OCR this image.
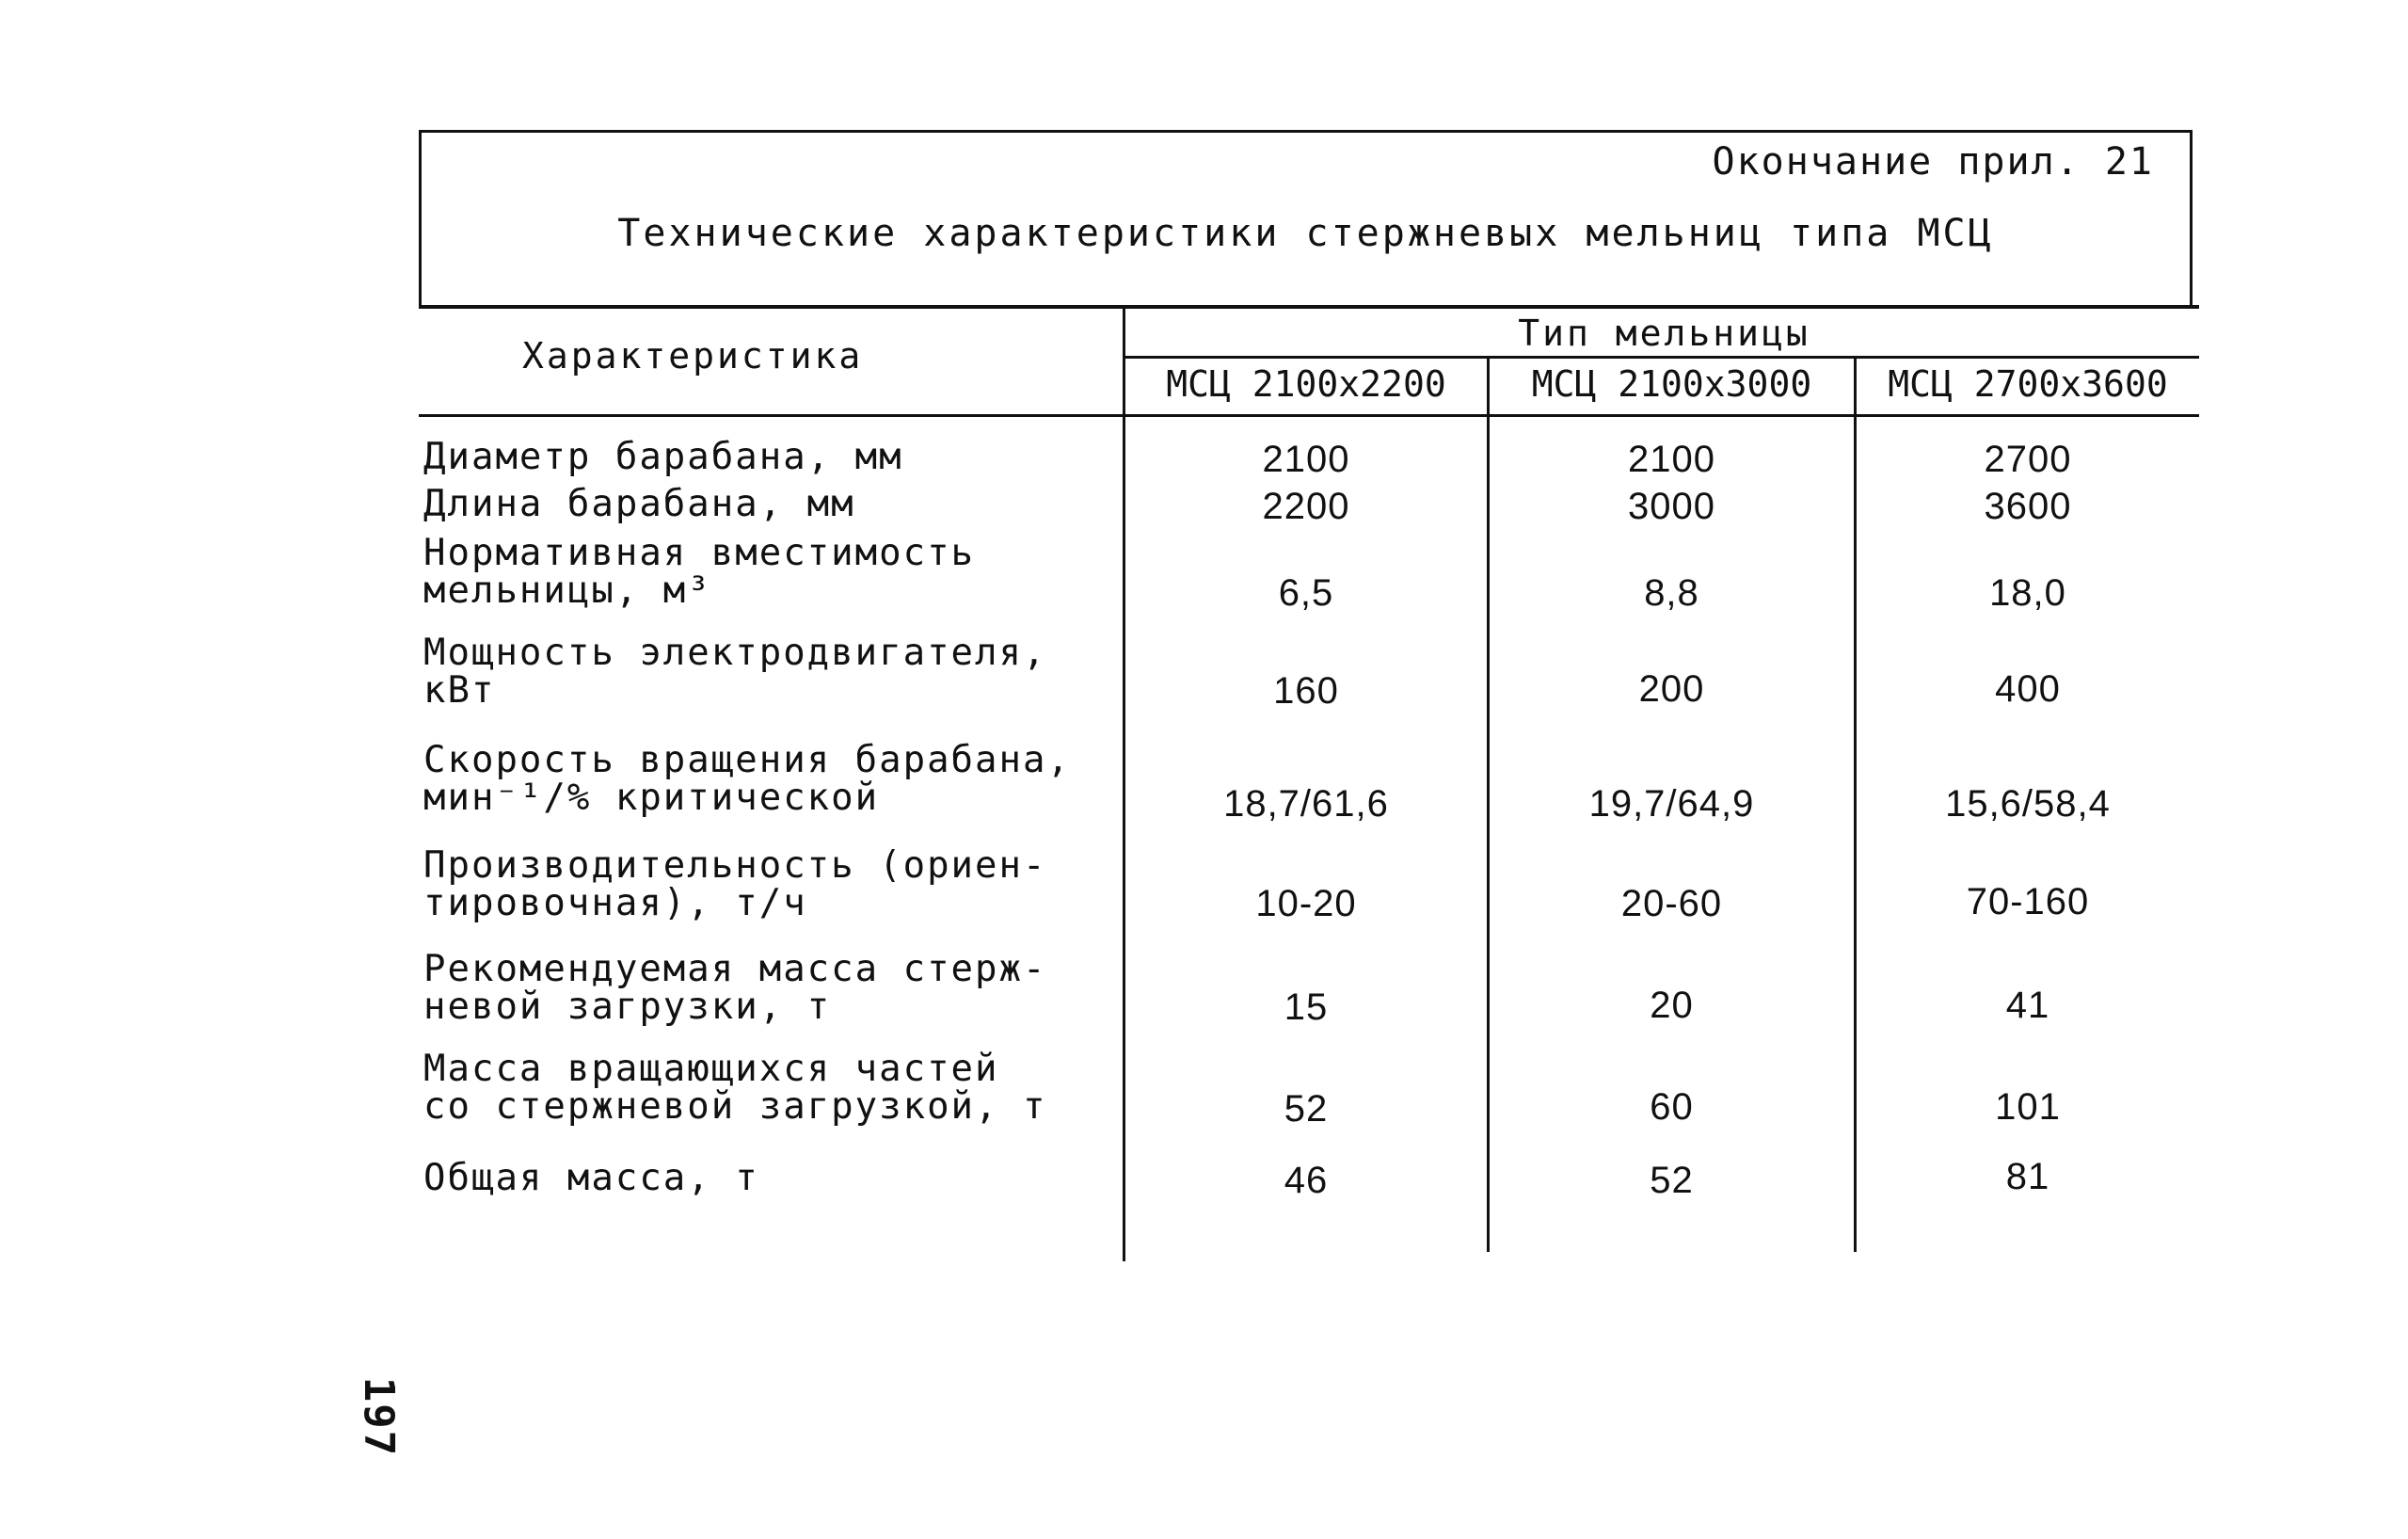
Окончание прил. 21
Технические характеристики стержневых мельниц типа МСЦ
Характеристика
Тип мельницы
МСЦ 2100х2200	МСЦ 2100х3000	МСЦ 2700х3600
Диаметр барабана, мм	2100	2100	2700
Длина барабана, мм	2200	3000	3600
Нормативная вместимость
мельницы, м³	6,5	8,8	18,0
Мощность электродвигателя,
кВт	160	200	400
Скорость вращения барабана,
мин⁻¹/% критической	18,7/61,6	19,7/64,9	15,6/58,4
Производительность (ориен-
тировочная), т/ч	10-20	20-60	70-160
Рекомендуемая масса стерж-
невой загрузки, т	15	20	41
Масса вращающихся частей
со стержневой загрузкой, т	52	60	101
Общая масса, т	46	52	81
197
